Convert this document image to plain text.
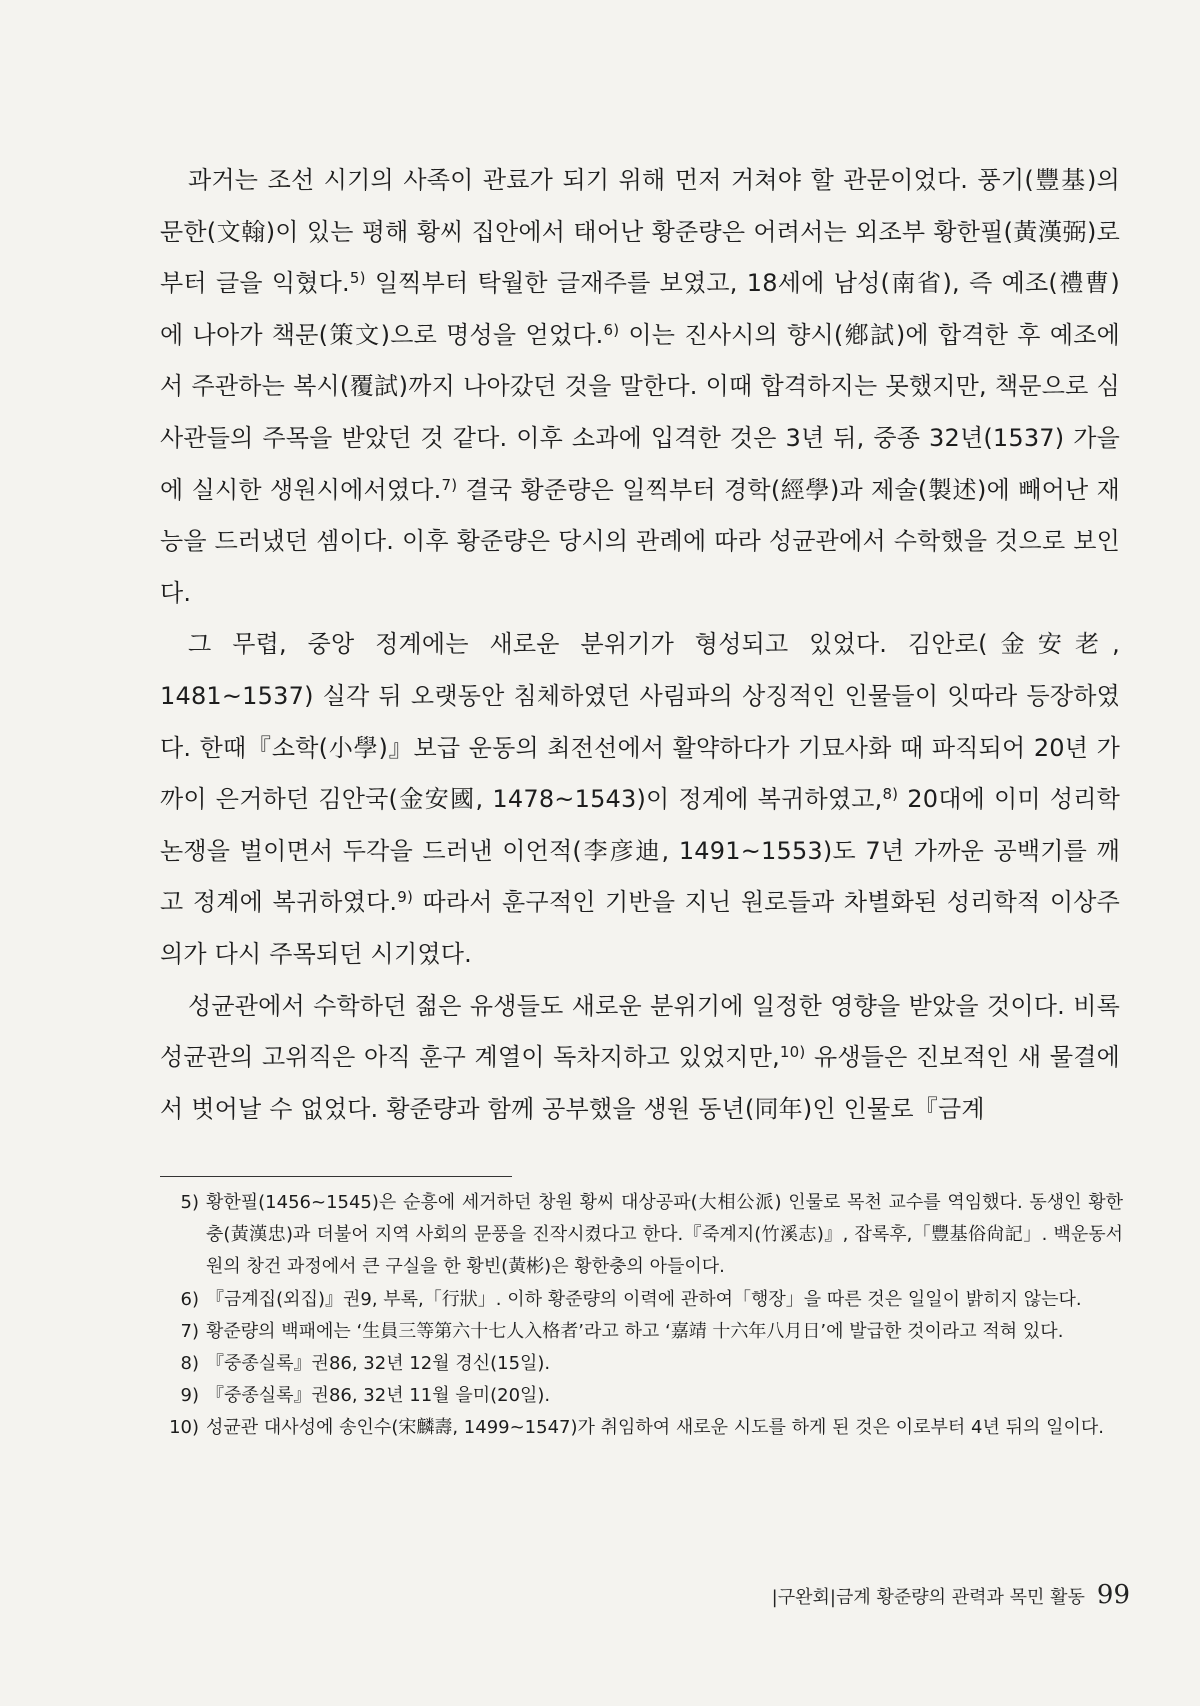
과거는 조선 시기의 사족이 관료가 되기 위해 먼저 거쳐야 할 관문이었다. 풍기(豐基)의 문한(文翰)이 있는 평해 황씨 집안에서 태어난 황준량은 어려서는 외조부 황한필(黃漢弼)로부터 글을 익혔다.$^{5)}$ 일찍부터 탁월한 글재주를 보였고, 18세에 남성(南省), 즉 예조(禮曹)에 나아가 책문(策文)으로 명성을 얻었다.$^{6)}$ 이는 진사시의 향시(鄕試)에 합격한 후 예조에서 주관하는 복시(覆試)까지 나아갔던 것을 말한다. 이때 합격하지는 못했지만, 책문으로 심사관들의 주목을 받았던 것 같다. 이후 소과에 입격한 것은 3년 뒤, 중종 32년(1537) 가을에 실시한 생원시에서였다.$^{7)}$ 결국 황준량은 일찍부터 경학(經學)과 제술(製述)에 빼어난 재능을 드러냈던 셈이다. 이후 황준량은 당시의 관례에 따라 성균관에서 수학했을 것으로 보인다.

그 무렵, 중앙 정계에는 새로운 분위기가 형성되고 있었다. 김안로(金安老, 1481~1537) 실각 뒤 오랫동안 침체하였던 사림파의 상징적인 인물들이 잇따라 등장하였다. 한때『소학(小學)』보급 운동의 최전선에서 활약하다가 기묘사화 때 파직되어 20년 가까이 은거하던 김안국(金安國, 1478~1543)이 정계에 복귀하였고,$^{8)}$ 20대에 이미 성리학 논쟁을 벌이면서 두각을 드러낸 이언적(李彦迪, 1491~1553)도 7년 가까운 공백기를 깨고 정계에 복귀하였다.$^{9)}$ 따라서 훈구적인 기반을 지닌 원로들과 차별화된 성리학적 이상주의가 다시 주목되던 시기였다.

성균관에서 수학하던 젊은 유생들도 새로운 분위기에 일정한 영향을 받았을 것이다. 비록 성균관의 고위직은 아직 훈구 계열이 독차지하고 있었지만,$^{10)}$ 유생들은 진보적인 새 물결에서 벗어날 수 없었다. 황준량과 함께 공부했을 생원 동년(同年)인 인물로『금계

5) 황한필(1456~1545)은 순흥에 세거하던 창원 황씨 대상공파(大相公派) 인물로 목천 교수를 역임했다. 동생인 황한충(黃漢忠)과 더불어 지역 사회의 문풍을 진작시켰다고 한다.『죽계지(竹溪志)』, 잡록후,「豐基俗尙記」. 백운동서원의 창건 과정에서 큰 구실을 한 황빈(黃彬)은 황한충의 아들이다.
6) 『금계집(외집)』권9, 부록,「行狀」. 이하 황준량의 이력에 관하여「행장」을 따른 것은 일일이 밝히지 않는다.
7) 황준량의 백패에는 ‘生員三等第六十七人入格者’라고 하고 ‘嘉靖 十六年八月日’에 발급한 것이라고 적혀 있다.
8) 『중종실록』권86, 32년 12월 경신(15일).
9) 『중종실록』권86, 32년 11월 을미(20일).
10) 성균관 대사성에 송인수(宋麟壽, 1499~1547)가 취임하여 새로운 시도를 하게 된 것은 이로부터 4년 뒤의 일이다.
|구완회|금계 황준량의 관력과 목민 활동 99
